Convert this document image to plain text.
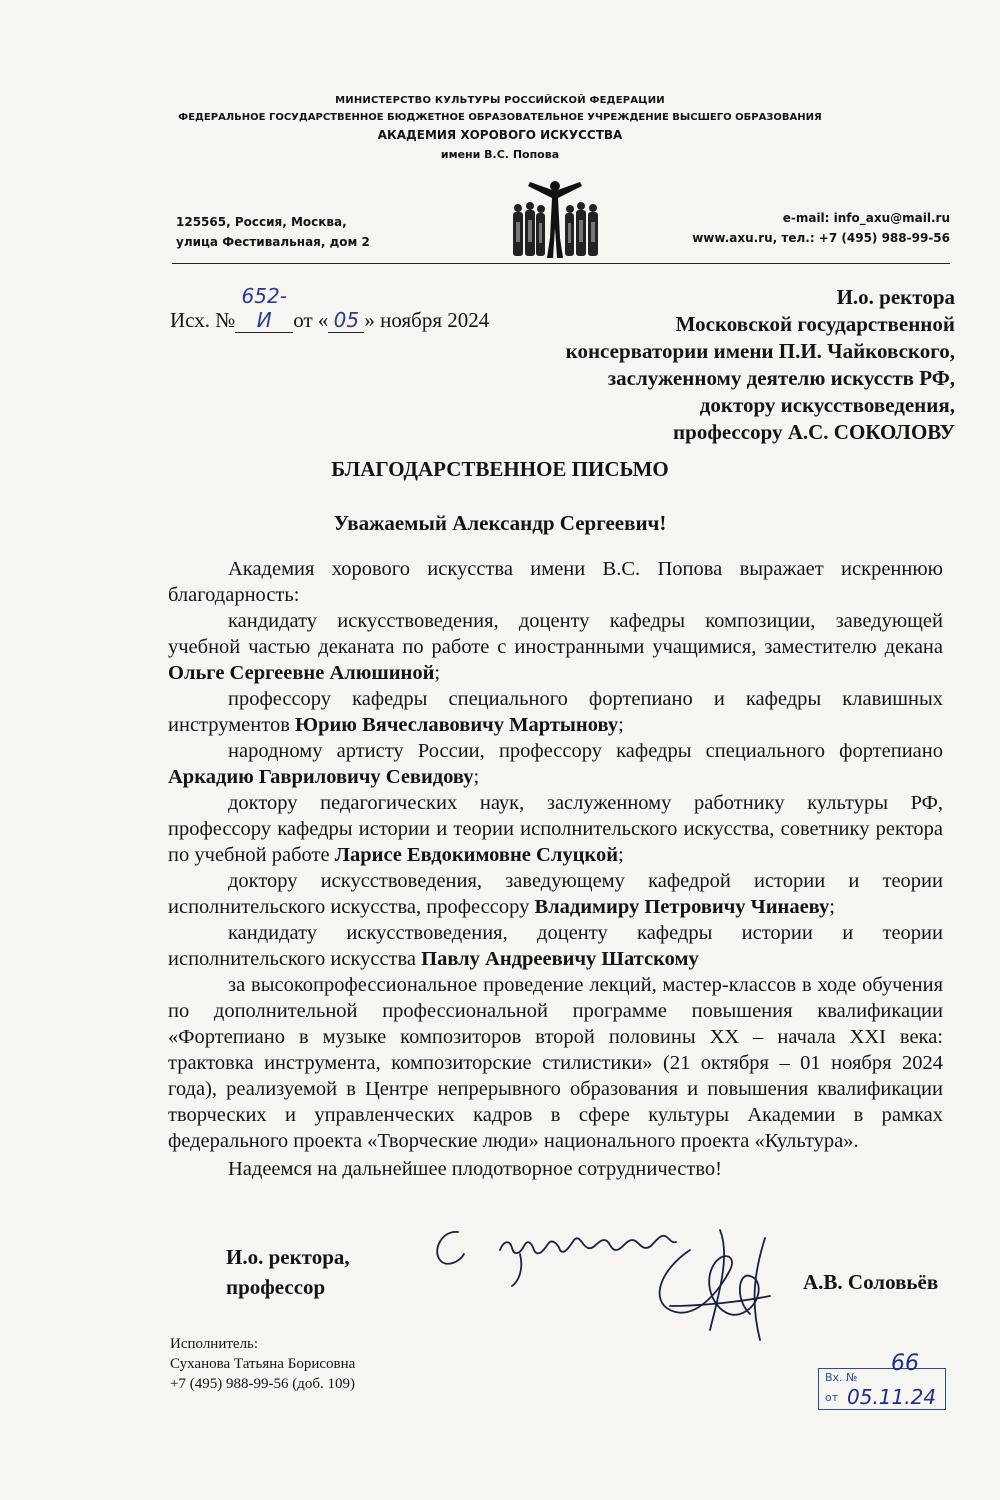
МИНИСТЕРСТВО КУЛЬТУРЫ РОССИЙСКОЙ ФЕДЕРАЦИИ
ФЕДЕРАЛЬНОЕ ГОСУДАРСТВЕННОЕ БЮДЖЕТНОЕ ОБРАЗОВАТЕЛЬНОЕ УЧРЕЖДЕНИЕ ВЫСШЕГО ОБРАЗОВАНИЯ
АКАДЕМИЯ ХОРОВОГО ИСКУССТВА
имени В.С. Попова
125565, Россия, Москва,
улица Фестивальная, дом 2
e-mail: info_axu@mail.ru
www.axu.ru, тел.: +7 (495) 988-99-56
Исх. №652-И от « 05 » ноября 2024
И.о. ректора
Московской государственной
консерватории имени П.И. Чайковского,
заслуженному деятелю искусств РФ,
доктору искусствоведения,
профессору А.С. СОКОЛОВУ
БЛАГОДАРСТВЕННОЕ ПИСЬМО
Уважаемый Александр Сергеевич!

Академия хорового искусства имени В.С. Попова выражает искреннюю благодарность:

кандидату искусствоведения, доценту кафедры композиции, заведующей учебной частью деканата по работе с иностранными учащимися, заместителю декана Ольге Сергеевне Алюшиной;

профессору кафедры специального фортепиано и кафедры клавишных инструментов Юрию Вячеславовичу Мартынову;

народному артисту России, профессору кафедры специального фортепиано Аркадию Гавриловичу Севидову;

доктору педагогических наук, заслуженному работнику культуры РФ, профессору кафедры истории и теории исполнительского искусства, советнику ректора по учебной работе Ларисе Евдокимовне Слуцкой;

доктору искусствоведения, заведующему кафедрой истории и теории исполнительского искусства, профессору Владимиру Петровичу Чинаеву;

кандидату искусствоведения, доценту кафедры истории и теории исполнительского искусства Павлу Андреевичу Шатскому

за высокопрофессиональное проведение лекций, мастер-классов в ходе обучения по дополнительной профессиональной программе повышения квалификации «Фортепиано в музыке композиторов второй половины XX – начала XXI века: трактовка инструмента, композиторские стилистики» (21 октября – 01 ноября 2024 года), реализуемой в Центре непрерывного образования и повышения квалификации творческих и управленческих кадров в сфере культуры Академии в рамках федерального проекта «Творческие люди» национального проекта «Культура».

Надеемся на дальнейшее плодотворное сотрудничество!

И.о. ректора,
профессор	А.В. Соловьёв
Исполнитель:
Суханова Татьяна Борисовна
+7 (495) 988-99-56 (доб. 109)	Вх. №
от
66
05.11.24
